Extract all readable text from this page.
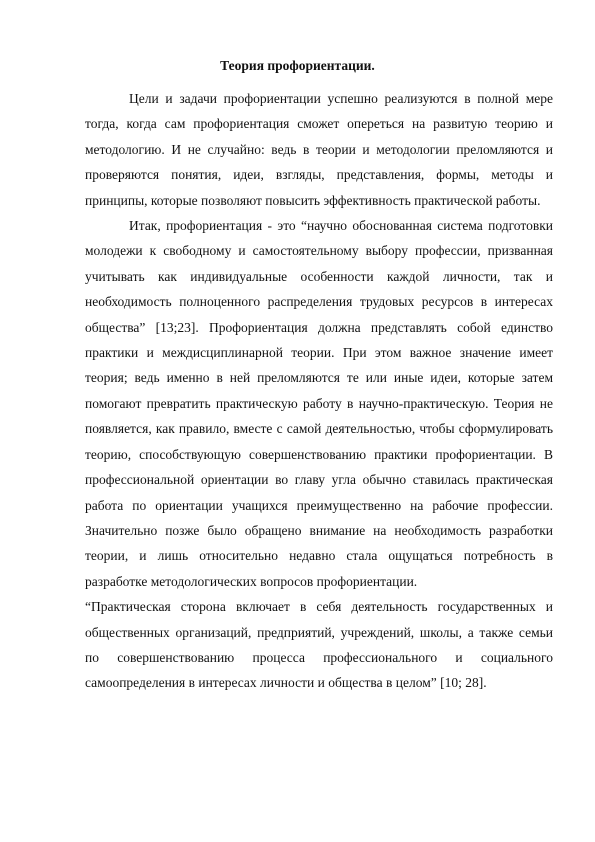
Теория профориентации.

Цели и задачи профориентации успешно реализуются в полной мере тогда, когда сам профориентация сможет опереться на развитую теорию и методологию. И не случайно: ведь в теории и методологии преломляются и проверяются понятия, идеи, взгляды, представления, формы, методы и принципы, которые позволяют повысить эффективность практической работы.

Итак, профориентация - это “научно обоснованная система подготовки молодежи к свободному и самостоятельному выбору профессии, призванная учитывать как индивидуальные особенности каждой личности, так и необходимость полноценного распределения трудовых ресурсов в интересах общества” [13;23]. Профориентация должна представлять собой единство практики и междисциплинарной теории. При этом важное значение имеет теория; ведь именно в ней преломляются те или иные идеи, которые затем помогают превратить практическую работу в научно-практическую. Теория не появляется, как правило, вместе с самой деятельностью, чтобы сформулировать теорию, способствующую совершенствованию практики профориентации. В профессиональной ориентации во главу угла обычно ставилась практическая работа по ориентации учащихся преимущественно на рабочие профессии. Значительно позже было обращено внимание на необходимость разработки теории, и лишь относительно недавно стала ощущаться потребность в разработке методологических вопросов профориентации.

“Практическая сторона включает в себя деятельность государственных и общественных организаций, предприятий, учреждений, школы, а также семьи по совершенствованию процесса профессионального и социального самоопределения в интересах личности и общества в целом” [10; 28].
